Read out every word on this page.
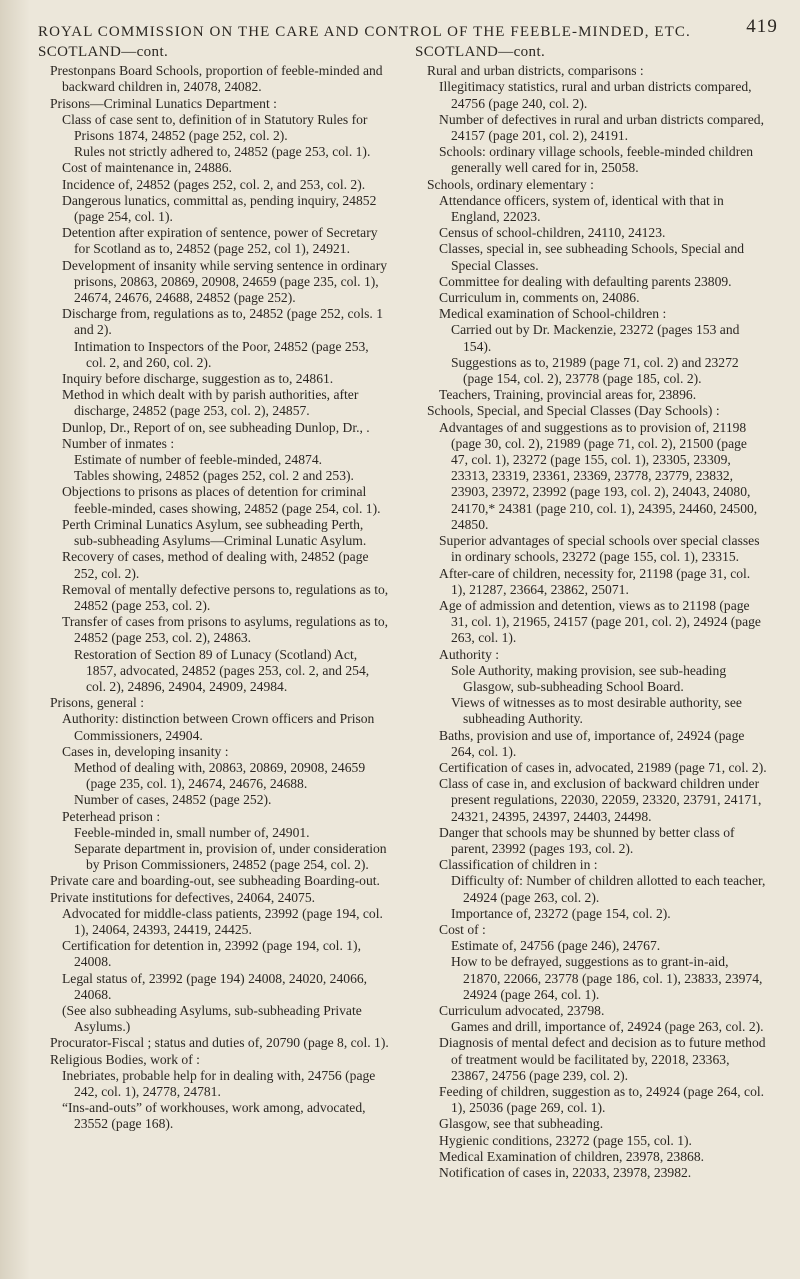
ROYAL COMMISSION ON THE CARE AND CONTROL OF THE FEEBLE-MINDED, ETC.	419
SCOTLAND—cont.

Prestonpans Board Schools, proportion of feeble-minded and backward children in, 24078, 24082.

Prisons—Criminal Lunatics Department :

Class of case sent to, definition of in Statutory Rules for Prisons 1874, 24852 (page 252, col. 2).

Rules not strictly adhered to, 24852 (page 253, col. 1).

Cost of maintenance in, 24886.

Incidence of, 24852 (pages 252, col. 2, and 253, col. 2).

Dangerous lunatics, committal as, pending inquiry, 24852 (page 254, col. 1).

Detention after expiration of sentence, power of Secretary for Scotland as to, 24852 (page 252, col 1), 24921.

Development of insanity while serving sentence in ordinary prisons, 20863, 20869, 20908, 24659 (page 235, col. 1), 24674, 24676, 24688, 24852 (page 252).

Discharge from, regulations as to, 24852 (page 252, cols. 1 and 2).

Intimation to Inspectors of the Poor, 24852 (page 253, col. 2, and 260, col. 2).

Inquiry before discharge, suggestion as to, 24861.

Method in which dealt with by parish authorities, after discharge, 24852 (page 253, col. 2), 24857.

Dunlop, Dr., Report of on, see subheading Dunlop, Dr., .

Number of inmates :

Estimate of number of feeble-minded, 24874.

Tables showing, 24852 (pages 252, col. 2 and 253).

Objections to prisons as places of detention for criminal feeble-minded, cases showing, 24852 (page 254, col. 1).

Perth Criminal Lunatics Asylum, see subheading Perth, sub-subheading Asylums—Criminal Lunatic Asylum.

Recovery of cases, method of dealing with, 24852 (page 252, col. 2).

Removal of mentally defective persons to, regulations as to, 24852 (page 253, col. 2).

Transfer of cases from prisons to asylums, regulations as to, 24852 (page 253, col. 2), 24863.

Restoration of Section 89 of Lunacy (Scotland) Act, 1857, advocated, 24852 (pages 253, col. 2, and 254, col. 2), 24896, 24904, 24909, 24984.

Prisons, general :

Authority: distinction between Crown officers and Prison Commissioners, 24904.

Cases in, developing insanity :

Method of dealing with, 20863, 20869, 20908, 24659 (page 235, col. 1), 24674, 24676, 24688.

Number of cases, 24852 (page 252).

Peterhead prison :

Feeble-minded in, small number of, 24901.

Separate department in, provision of, under consideration by Prison Commissioners, 24852 (page 254, col. 2).

Private care and boarding-out, see subheading Boarding-out.

Private institutions for defectives, 24064, 24075.

Advocated for middle-class patients, 23992 (page 194, col. 1), 24064, 24393, 24419, 24425.

Certification for detention in, 23992 (page 194, col. 1), 24008.

Legal status of, 23992 (page 194) 24008, 24020, 24066, 24068.

(See also subheading Asylums, sub-subheading Private Asylums.)

Procurator-Fiscal ; status and duties of, 20790 (page 8, col. 1).

Religious Bodies, work of :

Inebriates, probable help for in dealing with, 24756 (page 242, col. 1), 24778, 24781.

“Ins-and-outs” of workhouses, work among, advocated, 23552 (page 168).

SCOTLAND—cont.

Rural and urban districts, comparisons :

Illegitimacy statistics, rural and urban districts compared, 24756 (page 240, col. 2).

Number of defectives in rural and urban districts compared, 24157 (page 201, col. 2), 24191.

Schools: ordinary village schools, feeble-minded children generally well cared for in, 25058.

Schools, ordinary elementary :

Attendance officers, system of, identical with that in England, 22023.

Census of school-children, 24110, 24123.

Classes, special in, see subheading Schools, Special and Special Classes.

Committee for dealing with defaulting parents 23809.

Curriculum in, comments on, 24086.

Medical examination of School-children :

Carried out by Dr. Mackenzie, 23272 (pages 153 and 154).

Suggestions as to, 21989 (page 71, col. 2) and 23272 (page 154, col. 2), 23778 (page 185, col. 2).

Teachers, Training, provincial areas for, 23896.

Schools, Special, and Special Classes (Day Schools) :

Advantages of and suggestions as to provision of, 21198 (page 30, col. 2), 21989 (page 71, col. 2), 21500 (page 47, col. 1), 23272 (page 155, col. 1), 23305, 23309, 23313, 23319, 23361, 23369, 23778, 23779, 23832, 23903, 23972, 23992 (page 193, col. 2), 24043, 24080, 24170,* 24381 (page 210, col. 1), 24395, 24460, 24500, 24850.

Superior advantages of special schools over special classes in ordinary schools, 23272 (page 155, col. 1), 23315.

After-care of children, necessity for, 21198 (page 31, col. 1), 21287, 23664, 23862, 25071.

Age of admission and detention, views as to 21198 (page 31, col. 1), 21965, 24157 (page 201, col. 2), 24924 (page 263, col. 1).

Authority :

Sole Authority, making provision, see sub-heading Glasgow, sub-subheading School Board.

Views of witnesses as to most desirable authority, see subheading Authority.

Baths, provision and use of, importance of, 24924 (page 264, col. 1).

Certification of cases in, advocated, 21989 (page 71, col. 2).

Class of case in, and exclusion of backward children under present regulations, 22030, 22059, 23320, 23791, 24171, 24321, 24395, 24397, 24403, 24498.

Danger that schools may be shunned by better class of parent, 23992 (pages 193, col. 2).

Classification of children in :

Difficulty of: Number of children allotted to each teacher, 24924 (page 263, col. 2).

Importance of, 23272 (page 154, col. 2).

Cost of :

Estimate of, 24756 (page 246), 24767.

How to be defrayed, suggestions as to grant-in-aid, 21870, 22066, 23778 (page 186, col. 1), 23833, 23974, 24924 (page 264, col. 1).

Curriculum advocated, 23798.

Games and drill, importance of, 24924 (page 263, col. 2).

Diagnosis of mental defect and decision as to future method of treatment would be facilitated by, 22018, 23363, 23867, 24756 (page 239, col. 2).

Feeding of children, suggestion as to, 24924 (page 264, col. 1), 25036 (page 269, col. 1).

Glasgow, see that subheading.

Hygienic conditions, 23272 (page 155, col. 1).

Medical Examination of children, 23978, 23868.

Notification of cases in, 22033, 23978, 23982.
